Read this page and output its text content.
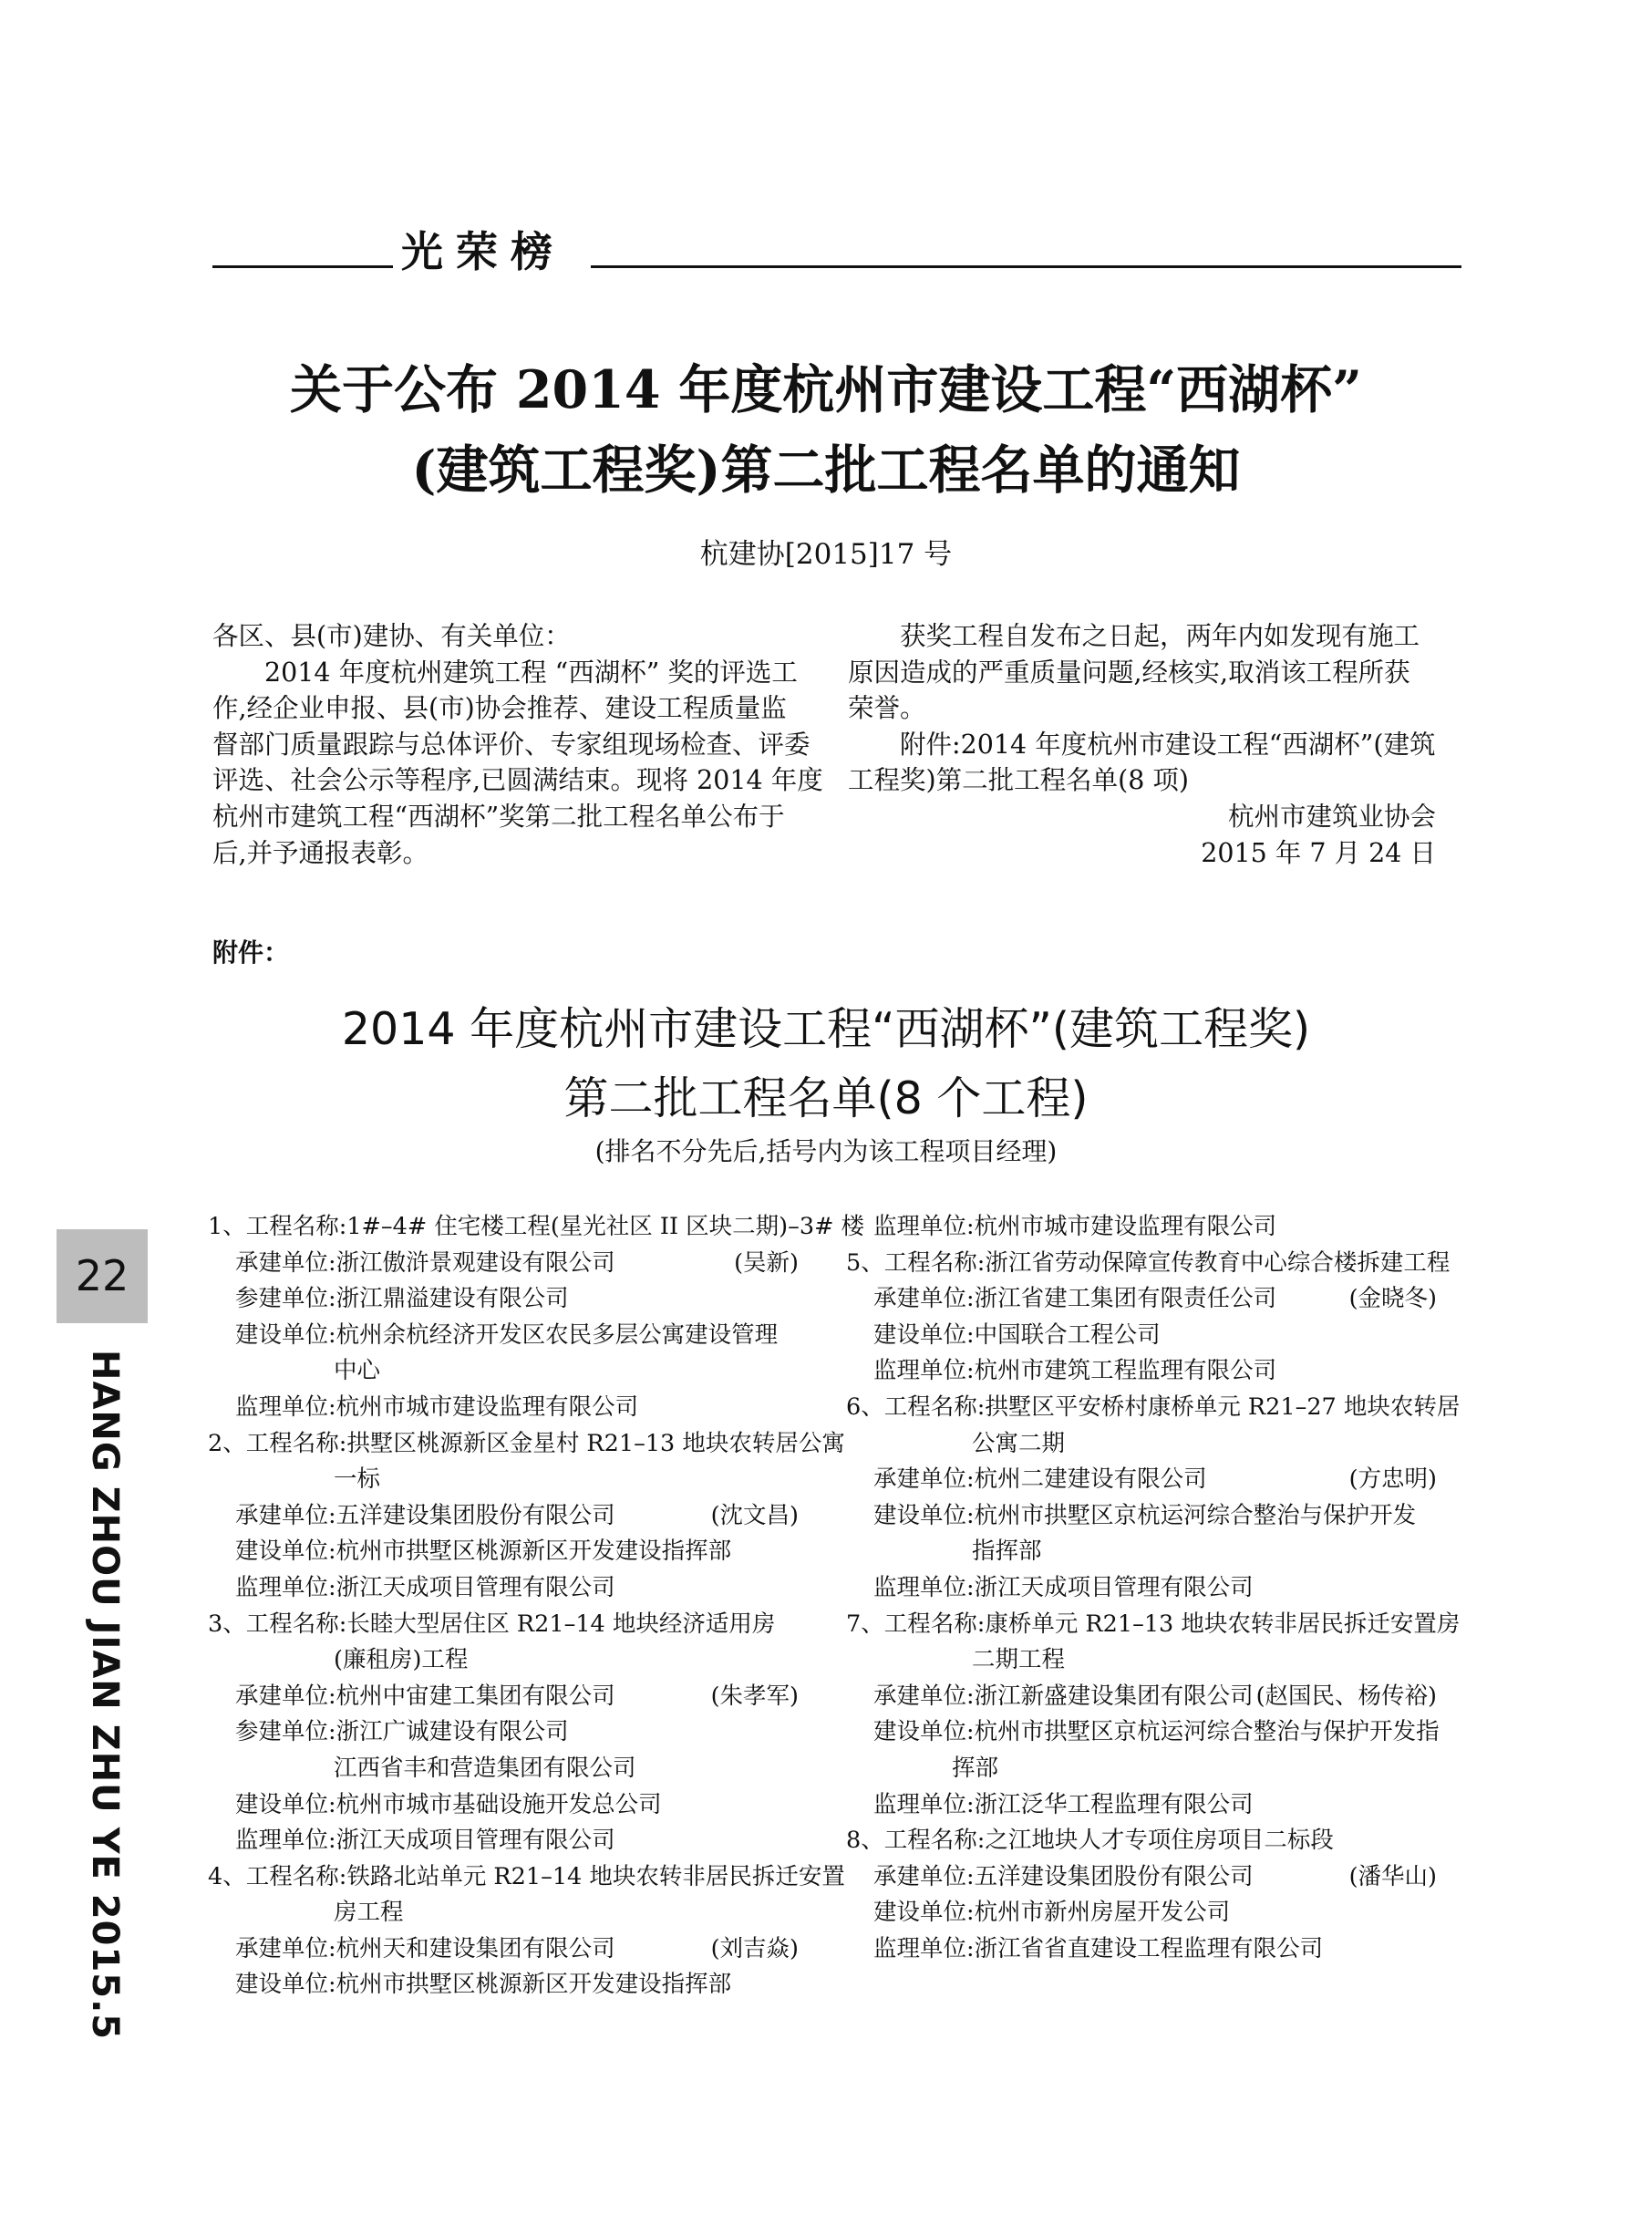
光荣榜
关于公布 2014 年度杭州市建设工程“西湖杯”
(建筑工程奖)第二批工程名单的通知
杭建协[2015]17 号
各区、县(市)建协、有关单位：
　　2014 年度杭州建筑工程 “西湖杯” 奖的评选工
作,经企业申报、县(市)协会推荐、建设工程质量监
督部门质量跟踪与总体评价、专家组现场检查、评委
评选、社会公示等程序,已圆满结束。现将 2014 年度
杭州市建筑工程“西湖杯”奖第二批工程名单公布于
后,并予通报表彰。
　　获奖工程自发布之日起，两年内如发现有施工
原因造成的严重质量问题,经核实,取消该工程所获
荣誉。
　　附件:2014 年度杭州市建设工程“西湖杯”(建筑
工程奖)第二批工程名单(8 项)
杭州市建筑业协会
2015 年 7 月 24 日
附件：
2014 年度杭州市建设工程“西湖杯”(建筑工程奖)
第二批工程名单(8 个工程)
(排名不分先后,括号内为该工程项目经理)
1、工程名称:1#–4# 住宅楼工程(星光社区 II 区块二期)–3# 楼
承建单位:浙江傲浒景观建设有限公司	(吴新)
参建单位:浙江鼎溢建设有限公司
建设单位:杭州余杭经济开发区农民多层公寓建设管理
中心
监理单位:杭州市城市建设监理有限公司
2、工程名称:拱墅区桃源新区金星村 R21–13 地块农转居公寓
一标
承建单位:五洋建设集团股份有限公司	(沈文昌)
建设单位:杭州市拱墅区桃源新区开发建设指挥部
监理单位:浙江天成项目管理有限公司
3、工程名称:长睦大型居住区 R21–14 地块经济适用房
(廉租房)工程
承建单位:杭州中宙建工集团有限公司	(朱孝军)
参建单位:浙江广诚建设有限公司
江西省丰和营造集团有限公司
建设单位:杭州市城市基础设施开发总公司
监理单位:浙江天成项目管理有限公司
4、工程名称:铁路北站单元 R21–14 地块农转非居民拆迁安置
房工程
承建单位:杭州天和建设集团有限公司	(刘吉焱)
建设单位:杭州市拱墅区桃源新区开发建设指挥部
监理单位:杭州市城市建设监理有限公司
5、工程名称:浙江省劳动保障宣传教育中心综合楼拆建工程
承建单位:浙江省建工集团有限责任公司	(金晓冬)
建设单位:中国联合工程公司
监理单位:杭州市建筑工程监理有限公司
6、工程名称:拱墅区平安桥村康桥单元 R21–27 地块农转居
公寓二期
承建单位:杭州二建建设有限公司	(方忠明)
建设单位:杭州市拱墅区京杭运河综合整治与保护开发
指挥部
监理单位:浙江天成项目管理有限公司
7、工程名称:康桥单元 R21–13 地块农转非居民拆迁安置房
二期工程
承建单位:浙江新盛建设集团有限公司 (赵国民、杨传裕)
建设单位:杭州市拱墅区京杭运河综合整治与保护开发指
挥部
监理单位:浙江泛华工程监理有限公司
8、工程名称:之江地块人才专项住房项目二标段
承建单位:五洋建设集团股份有限公司	(潘华山)
建设单位:杭州市新州房屋开发公司
监理单位:浙江省省直建设工程监理有限公司
22
HANG ZHOU JIAN ZHU YE 2015.5
